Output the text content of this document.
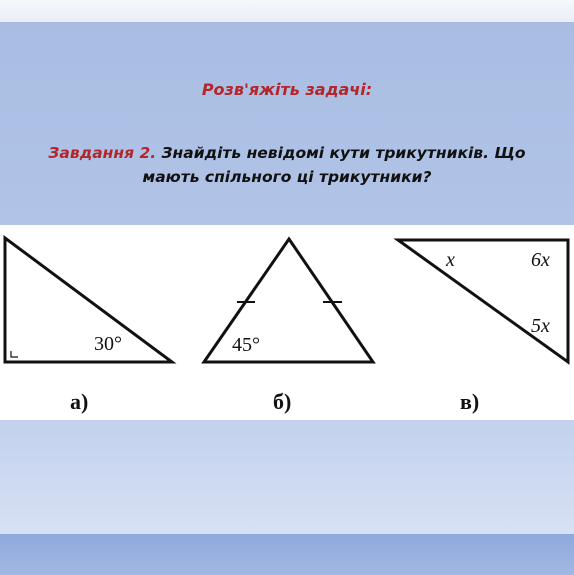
Розв'яжіть задачі:

Завдання 2. Знайдіть невідомі кути трикутників. Що
мають спільного ці трикутники?

30°
а)
45°
б)
x	6x
5x
в)
